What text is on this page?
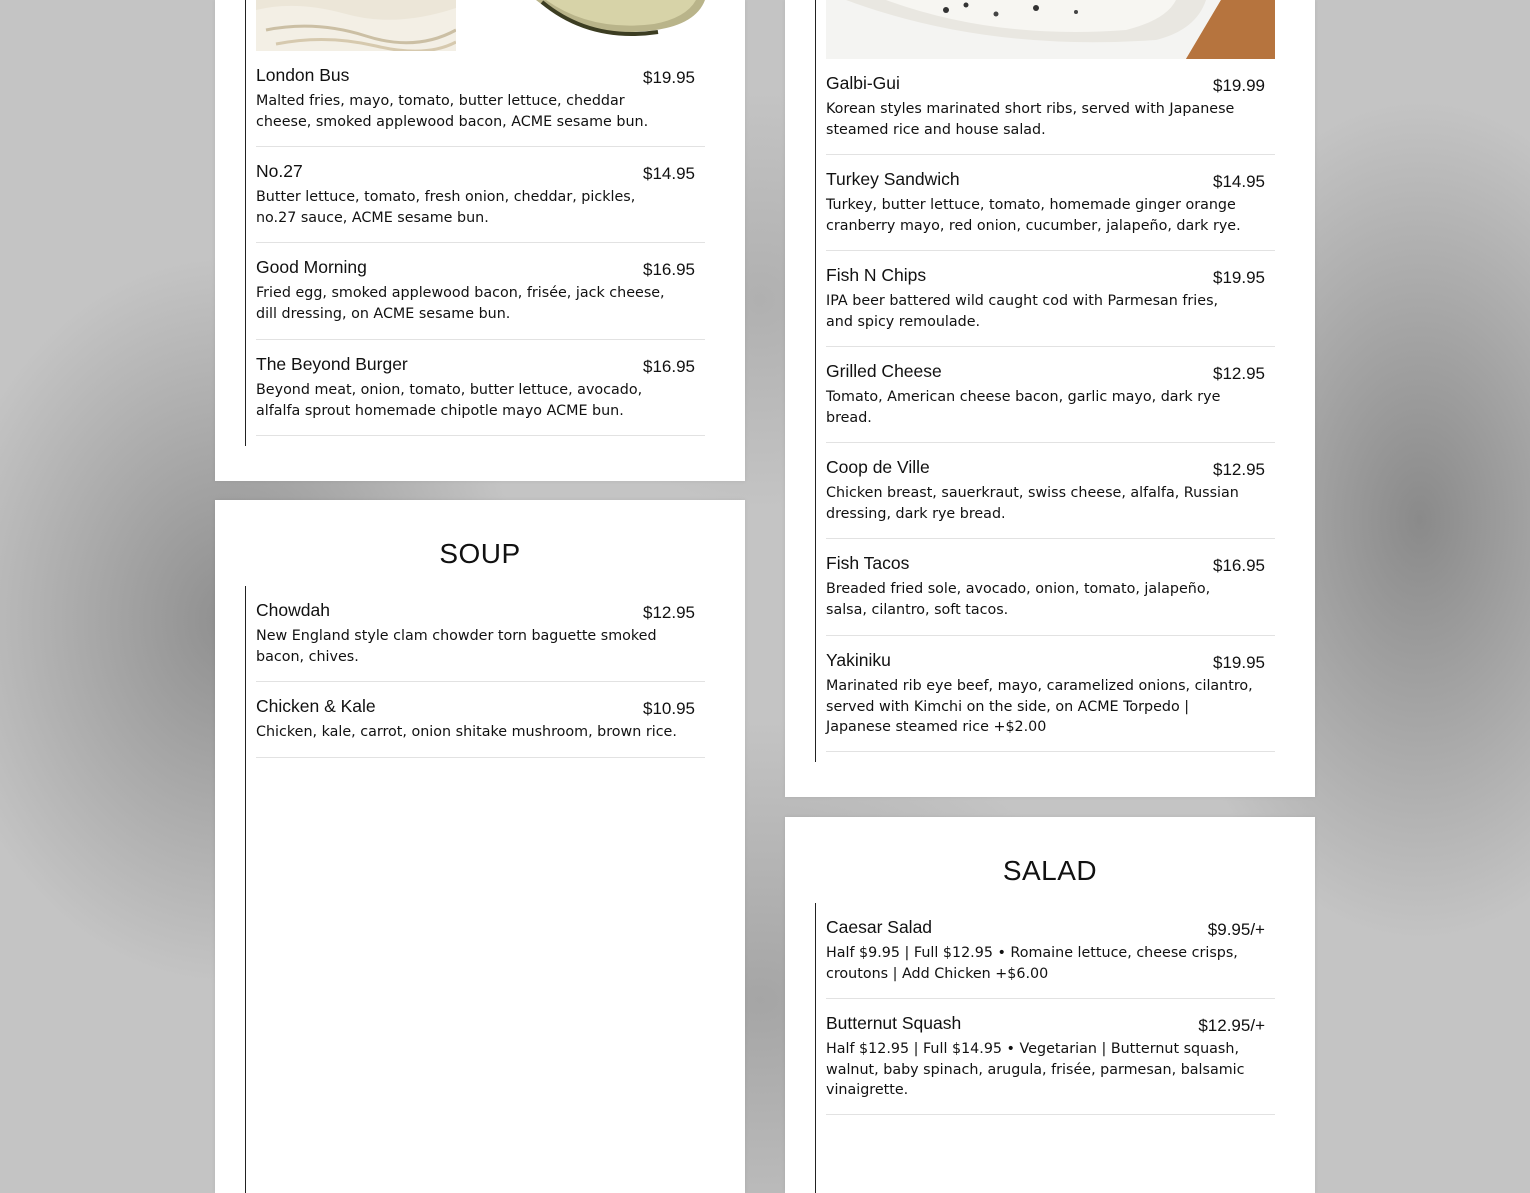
London Bus	$19.95
Malted fries, mayo, tomato, butter lettuce, cheddar cheese, smoked applewood bacon, ACME sesame bun.
No.27	$14.95
Butter lettuce, tomato, fresh onion, cheddar, pickles, no.27 sauce, ACME sesame bun.
Good Morning	$16.95
Fried egg, smoked applewood bacon, frisée, jack cheese, dill dressing, on ACME sesame bun.
The Beyond Burger	$16.95
Beyond meat, onion, tomato, butter lettuce, avocado, alfalfa sprout homemade chipotle mayo ACME bun.
SOUP
Chowdah	$12.95
New England style clam chowder torn baguette smoked bacon, chives.
Chicken & Kale	$10.95
Chicken, kale, carrot, onion shitake mushroom, brown rice.
Galbi-Gui	$19.99
Korean styles marinated short ribs, served with Japanese steamed rice and house salad.
Turkey Sandwich	$14.95
Turkey, butter lettuce, tomato, homemade ginger orange cranberry mayo, red onion, cucumber, jalapeño, dark rye.
Fish N Chips	$19.95
IPA beer battered wild caught cod with Parmesan fries, and spicy remoulade.
Grilled Cheese	$12.95
Tomato, American cheese bacon, garlic mayo, dark rye bread.
Coop de Ville	$12.95
Chicken breast, sauerkraut, swiss cheese, alfalfa, Russian dressing, dark rye bread.
Fish Tacos	$16.95
Breaded fried sole, avocado, onion, tomato, jalapeño, salsa, cilantro, soft tacos.
Yakiniku	$19.95
Marinated rib eye beef, mayo, caramelized onions, cilantro, served with Kimchi on the side, on ACME Torpedo | Japanese steamed rice +$2.00
SALAD
Caesar Salad	$9.95/+
Half $9.95 | Full $12.95 • Romaine lettuce, cheese crisps, croutons | Add Chicken +$6.00
Butternut Squash	$12.95/+
Half $12.95 | Full $14.95 • Vegetarian | Butternut squash, walnut, baby spinach, arugula, frisée, parmesan, balsamic vinaigrette.
